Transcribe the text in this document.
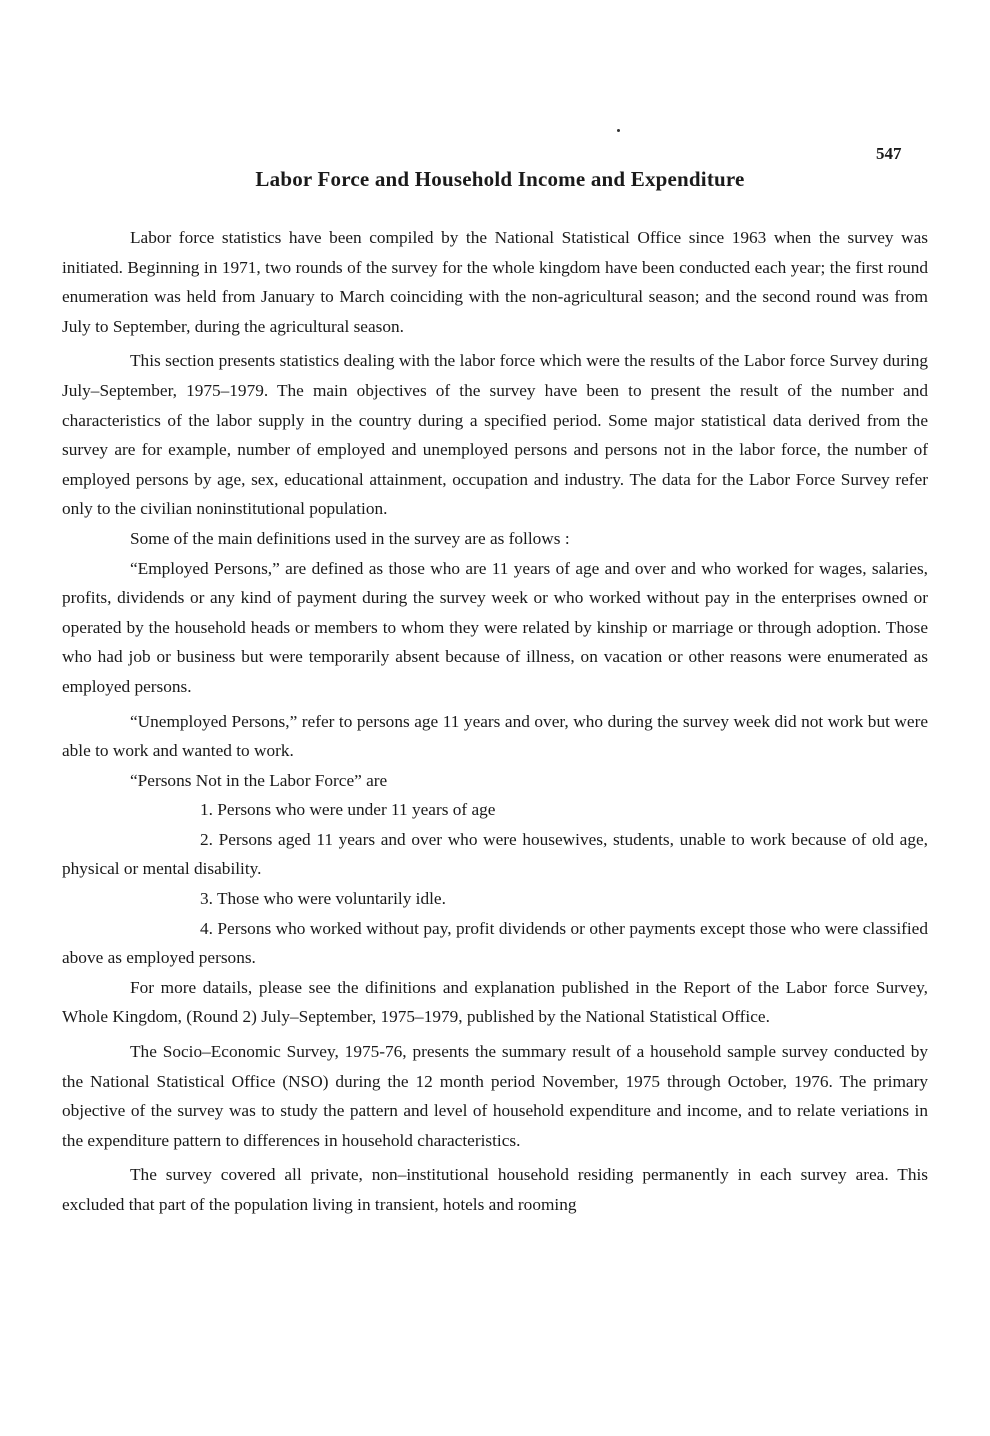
547
Labor Force and Household Income and Expenditure

Labor force statistics have been compiled by the National Statistical Office since 1963 when the survey was initiated. Beginning in 1971, two rounds of the survey for the whole kingdom have been conducted each year; the first round enumeration was held from January to March coinciding with the non-agricultural season; and the second round was from July to September, during the agricultural season.

This section presents statistics dealing with the labor force which were the results of the Labor force Survey during July–September, 1975–1979. The main objectives of the survey have been to present the result of the number and characteristics of the labor supply in the country during a specified period. Some major statistical data derived from the survey are for example, number of employed and unemployed persons and persons not in the labor force, the number of employed persons by age, sex, educational attainment, occupation and industry. The data for the Labor Force Survey refer only to the civilian noninstitutional population.

Some of the main definitions used in the survey are as follows :

“Employed Persons,” are defined as those who are 11 years of age and over and who worked for wages, salaries, profits, dividends or any kind of payment during the survey week or who worked without pay in the enterprises owned or operated by the household heads or members to whom they were related by kinship or marriage or through adoption. Those who had job or business but were temporarily absent because of illness, on vacation or other reasons were enumerated as employed persons.

“Unemployed Persons,” refer to persons age 11 years and over, who during the survey week did not work but were able to work and wanted to work.

“Persons Not in the Labor Force” are

1. Persons who were under 11 years of age

2. Persons aged 11 years and over who were housewives, students, unable to work because of old age, physical or mental disability.

3. Those who were voluntarily idle.

4. Persons who worked without pay, profit dividends or other payments except those who were classified above as employed persons.

For more datails, please see the difinitions and explanation published in the Report of the Labor force Survey, Whole Kingdom, (Round 2) July–September, 1975–1979, published by the National Statistical Office.

The Socio–Economic Survey, 1975-76, presents the summary result of a household sample survey conducted by the National Statistical Office (NSO) during the 12 month period November, 1975 through October, 1976. The primary objective of the survey was to study the pattern and level of household expenditure and income, and to relate veriations in the expenditure pattern to differences in household characteristics.

The survey covered all private, non–institutional household residing permanently in each survey area. This excluded that part of the population living in transient, hotels and rooming
